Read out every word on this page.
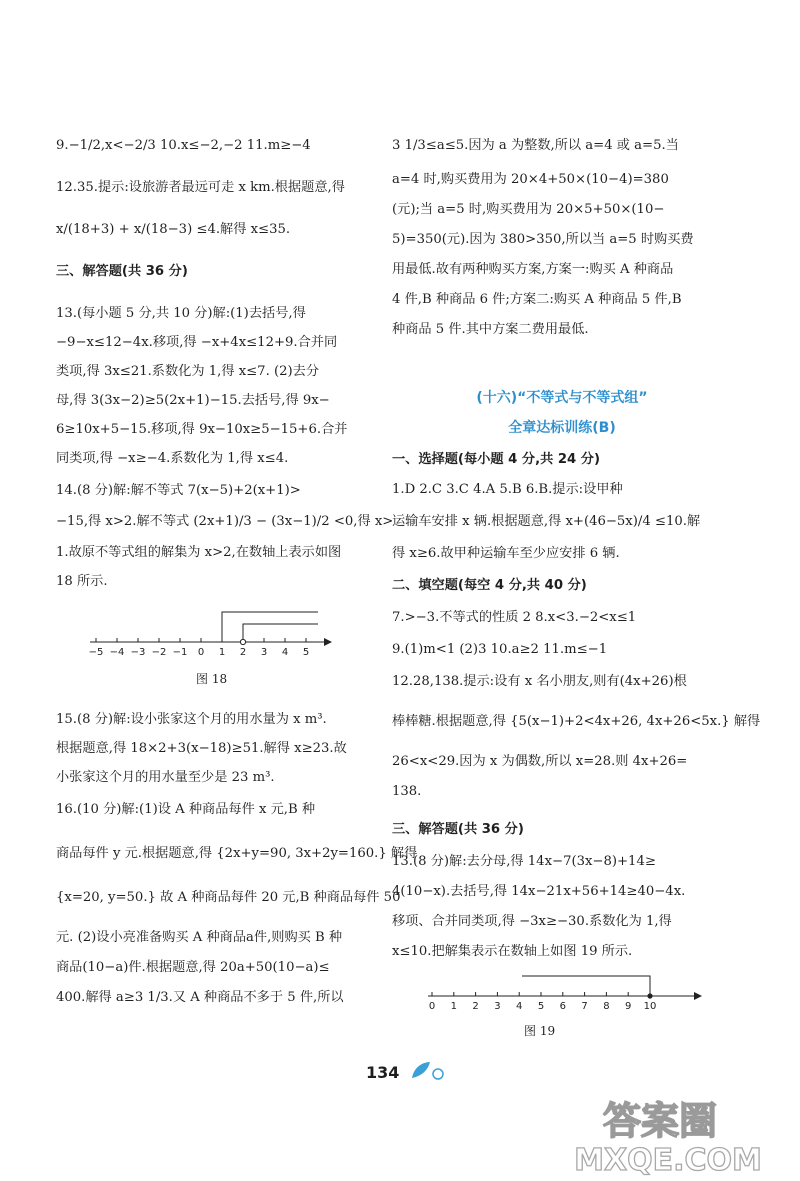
9.−1/2,x<−2/3 10.x≤−2,−2 11.m≥−4
12.35.提示:设旅游者最远可走 x km.根据题意,得
x/(18+3) + x/(18−3) ≤4.解得 x≤35.
三、解答题(共 36 分)
13.(每小题 5 分,共 10 分)解:(1)去括号,得
−9−x≤12−4x.移项,得 −x+4x≤12+9.合并同
类项,得 3x≤21.系数化为 1,得 x≤7. (2)去分
母,得 3(3x−2)≥5(2x+1)−15.去括号,得 9x−
6≥10x+5−15.移项,得 9x−10x≥5−15+6.合并
同类项,得 −x≥−4.系数化为 1,得 x≤4.
14.(8 分)解:解不等式 7(x−5)+2(x+1)>
−15,得 x>2.解不等式 (2x+1)/3 − (3x−1)/2 <0,得 x>
1.故原不等式组的解集为 x>2,在数轴上表示如图
18 所示.
−5 −4 −3 −2 −1 0 1 2 3 4 5
图 18
15.(8 分)解:设小张家这个月的用水量为 x m³.
根据题意,得 18×2+3(x−18)≥51.解得 x≥23.故
小张家这个月的用水量至少是 23 m³.
16.(10 分)解:(1)设 A 种商品每件 x 元,B 种
商品每件 y 元.根据题意,得 {2x+y=90, 3x+2y=160.} 解得
{x=20, y=50.} 故 A 种商品每件 20 元,B 种商品每件 50
元. (2)设小亮准备购买 A 种商品a件,则购买 B 种
商品(10−a)件.根据题意,得 20a+50(10−a)≤
400.解得 a≥3 1/3.又 A 种商品不多于 5 件,所以
3 1/3≤a≤5.因为 a 为整数,所以 a=4 或 a=5.当
a=4 时,购买费用为 20×4+50×(10−4)=380
(元);当 a=5 时,购买费用为 20×5+50×(10−
5)=350(元).因为 380>350,所以当 a=5 时购买费
用最低.故有两种购买方案,方案一:购买 A 种商品
4 件,B 种商品 6 件;方案二:购买 A 种商品 5 件,B
种商品 5 件.其中方案二费用最低.
(十六)“不等式与不等式组”
全章达标训练(B)
一、选择题(每小题 4 分,共 24 分)
1.D 2.C 3.C 4.A 5.B 6.B.提示:设甲种
运输车安排 x 辆.根据题意,得 x+(46−5x)/4 ≤10.解
得 x≥6.故甲种运输车至少应安排 6 辆.
二、填空题(每空 4 分,共 40 分)
7.>−3.不等式的性质 2 8.x<3.−2<x≤1
9.(1)m<1 (2)3 10.a≥2 11.m≤−1
12.28,138.提示:设有 x 名小朋友,则有(4x+26)根
棒棒糖.根据题意,得 {5(x−1)+2<4x+26, 4x+26<5x.} 解得
26<x<29.因为 x 为偶数,所以 x=28.则 4x+26=
138.
三、解答题(共 36 分)
13.(8 分)解:去分母,得 14x−7(3x−8)+14≥
4(10−x).去括号,得 14x−21x+56+14≥40−4x.
移项、合并同类项,得 −3x≥−30.系数化为 1,得
x≤10.把解集表示在数轴上如图 19 所示.
0 1 2 3 4 5 6 7 8 9 10
图 19
134
答案圈
MXQE.COM
